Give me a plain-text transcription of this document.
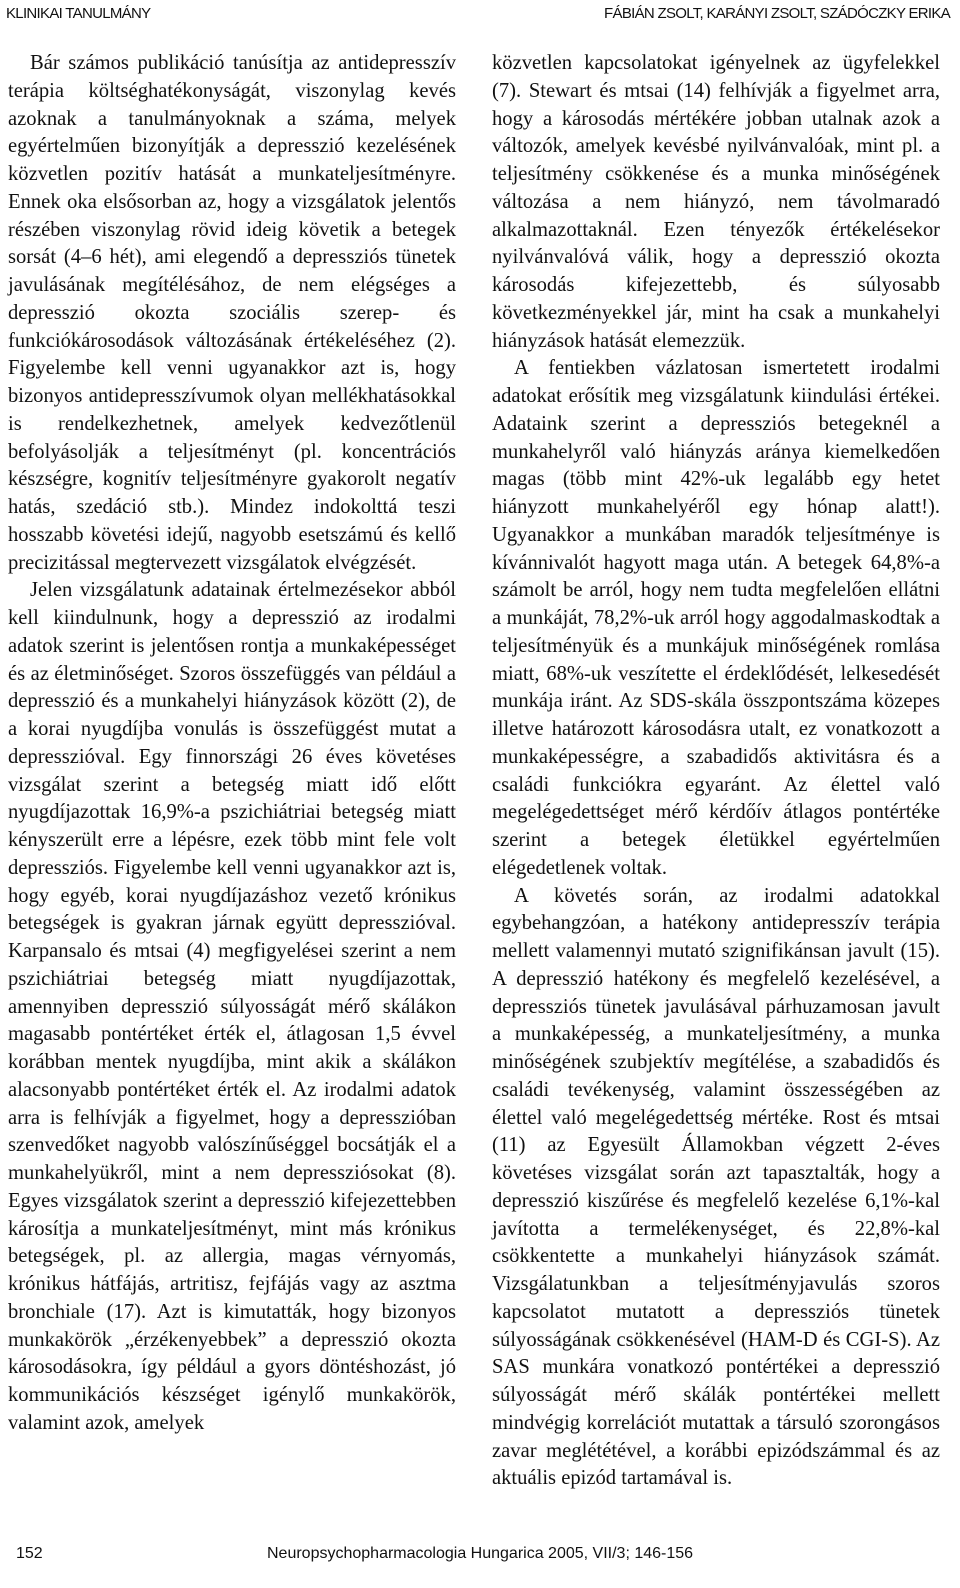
KLINIKAI TANULMÁNY	FÁBIÁN ZSOLT, KARÁNYI ZSOLT, SZÁDÓCZKY ERIKA

Bár számos publikáció tanúsítja az antidepresszív terápia költséghatékonyságát, viszonylag kevés azoknak a tanulmányoknak a száma, melyek egyértelműen bizonyítják a depresszió kezelésének közvetlen pozitív hatását a munkateljesítményre. Ennek oka elsősorban az, hogy a vizsgálatok jelentős részében viszonylag rövid ideig követik a betegek sorsát (4–6 hét), ami elegendő a depressziós tünetek javulásának megítélésához, de nem elégséges a depresszió okozta szociális szerep- és funkciókárosodások változásának értékeléséhez (2). Figyelembe kell venni ugyanakkor azt is, hogy bizonyos antidepresszívumok olyan mellékhatásokkal is rendelkezhetnek, amelyek kedvezőtlenül befolyásolják a teljesítményt (pl. koncentrációs készségre, kognitív teljesítményre gyakorolt negatív hatás, szedáció stb.). Mindez indokolttá teszi hosszabb követési idejű, nagyobb esetszámú és kellő precizitással megtervezett vizsgálatok elvégzését.

Jelen vizsgálatunk adatainak értelmezésekor abból kell kiindulnunk, hogy a depresszió az irodalmi adatok szerint is jelentősen rontja a munkaképességet és az életminőséget. Szoros összefüggés van például a depresszió és a munkahelyi hiányzások között (2), de a korai nyugdíjba vonulás is összefüggést mutat a depresszióval. Egy finnországi 26 éves követéses vizsgálat szerint a betegség miatt idő előtt nyugdíjazottak 16,9%-a pszichiátriai betegség miatt kényszerült erre a lépésre, ezek több mint fele volt depressziós. Figyelembe kell venni ugyanakkor azt is, hogy egyéb, korai nyugdíjazáshoz vezető krónikus betegségek is gyakran járnak együtt depresszióval. Karpansalo és mtsai (4) megfigyelései szerint a nem pszichiátriai betegség miatt nyugdíjazottak, amennyiben depresszió súlyosságát mérő skálákon magasabb pontértéket érték el, átlagosan 1,5 évvel korábban mentek nyugdíjba, mint akik a skálákon alacsonyabb pontértéket érték el. Az irodalmi adatok arra is felhívják a figyelmet, hogy a depresszióban szenvedőket nagyobb valószínűséggel bocsátják el a munkahelyükről, mint a nem depressziósokat (8). Egyes vizsgálatok szerint a depresszió kifejezettebben károsítja a munkateljesítményt, mint más krónikus betegségek, pl. az allergia, magas vérnyomás, krónikus hátfájás, artritisz, fejfájás vagy az asztma bronchiale (17). Azt is kimutatták, hogy bizonyos munkakörök „érzékenyebbek” a depresszió okozta károsodásokra, így például a gyors döntéshozást, jó kommunikációs készséget igénylő munkakörök, valamint azok, amelyek

közvetlen kapcsolatokat igényelnek az ügyfelekkel (7). Stewart és mtsai (14) felhívják a figyelmet arra, hogy a károsodás mértékére jobban utalnak azok a változók, amelyek kevésbé nyilvánvalóak, mint pl. a teljesítmény csökkenése és a munka minőségének változása a nem hiányzó, nem távolmaradó alkalmazottaknál. Ezen tényezők értékelésekor nyilvánvalóvá válik, hogy a depresszió okozta károsodás kifejezettebb, és súlyosabb következményekkel jár, mint ha csak a munkahelyi hiányzások hatását elemezzük.

A fentiekben vázlatosan ismertetett irodalmi adatokat erősítik meg vizsgálatunk kiindulási értékei. Adataink szerint a depressziós betegeknél a munkahelyről való hiányzás aránya kiemelkedően magas (több mint 42%-uk legalább egy hetet hiányzott munkahelyéről egy hónap alatt!). Ugyanakkor a munkában maradók teljesítménye is kívánnivalót hagyott maga után. A betegek 64,8%-a számolt be arról, hogy nem tudta megfelelően ellátni a munkáját, 78,2%-uk arról hogy aggodalmaskodtak a teljesítményük és a munkájuk minőségének romlása miatt, 68%-uk veszítette el érdeklődését, lelkesedését munkája iránt. Az SDS-skála összpontszáma közepes illetve határozott károsodásra utalt, ez vonatkozott a munkaképességre, a szabadidős aktivitásra és a családi funkciókra egyaránt. Az élettel való megelégedettséget mérő kérdőív átlagos pontértéke szerint a betegek életükkel egyértelműen elégedetlenek voltak.

A követés során, az irodalmi adatokkal egybehangzóan, a hatékony antidepresszív terápia mellett valamennyi mutató szignifikánsan javult (15). A depresszió hatékony és megfelelő kezelésével, a depressziós tünetek javulásával párhuzamosan javult a munkaképesség, a munkateljesítmény, a munka minőségének szubjektív megítélése, a szabadidős és családi tevékenység, valamint összességében az élettel való megelégedettség mértéke. Rost és mtsai (11) az Egyesült Államokban végzett 2-éves követéses vizsgálat során azt tapasztalták, hogy a depresszió kiszűrése és megfelelő kezelése 6,1%-kal javította a termelékenységet, és 22,8%-kal csökkentette a munkahelyi hiányzások számát. Vizsgálatunkban a teljesítményjavulás szoros kapcsolatot mutatott a depressziós tünetek súlyosságának csökkenésével (HAM-D és CGI-S). Az SAS munkára vonatkozó pontértékei a depresszió súlyosságát mérő skálák pontértékei mellett mindvégig korrelációt mutattak a társuló szorongásos zavar meglététével, a korábbi epizódszámmal és az aktuális epizód tartamával is.

152	Neuropsychopharmacologia Hungarica 2005, VII/3; 146-156
